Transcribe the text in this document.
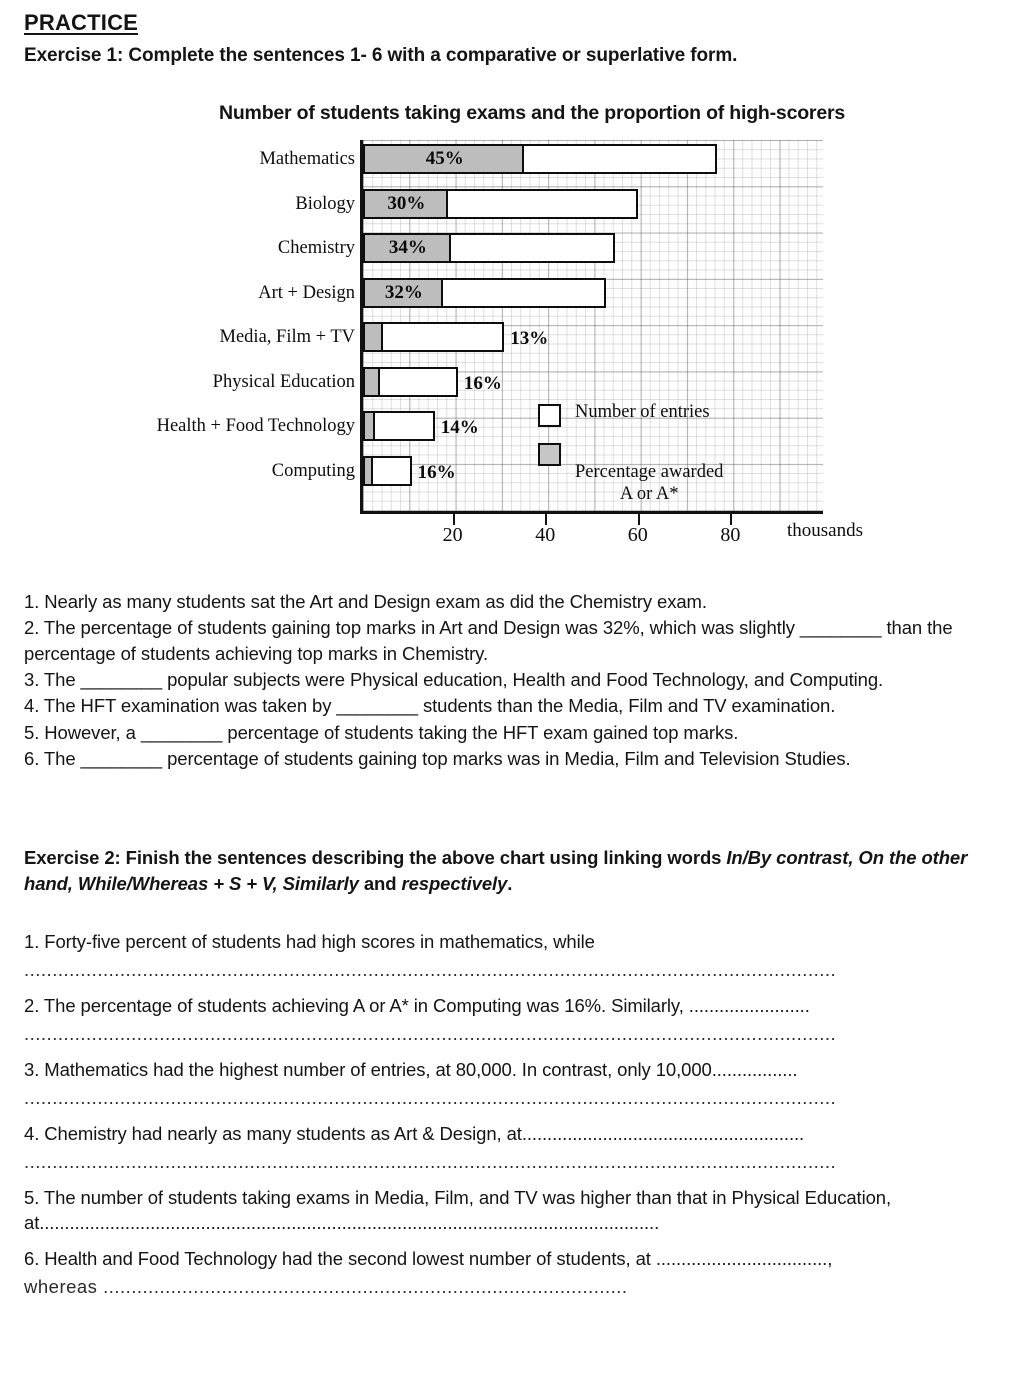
PRACTICE
Exercise 1: Complete the sentences 1- 6 with a comparative or superlative form.
Number of students taking exams and the proportion of high-scorers
Mathematics	45%
Biology	30%
Chemistry	34%
Art + Design	32%
Media, Film + TV	13%
Physical Education	16%
Health + Food Technology	14%
Computing	16%
Number of entries

Percentage awarded

A or A*

20	40	60	80 thousands

1. Nearly as many students sat the Art and Design exam as did the Chemistry exam.

2. The percentage of students gaining top marks in Art and Design was 32%, which was slightly ________ than the percentage of students achieving top marks in Chemistry.

3. The ________ popular subjects were Physical education, Health and Food Technology, and Computing.

4. The HFT examination was taken by ________ students than the Media, Film and TV examination.

5. However, a ________ percentage of students taking the HFT exam gained top marks.

6. The ________ percentage of students gaining top marks was in Media, Film and Television Studies.

Exercise 2: Finish the sentences describing the above chart using linking words In/By contrast, On the other hand, While/Whereas + S + V, Similarly and respectively.

1. Forty-five percent of students had high scores in mathematics, while

................................................................................................................................................

2. The percentage of students achieving A or A* in Computing was 16%. Similarly, ........................

................................................................................................................................................

3. Mathematics had the highest number of entries, at 80,000. In contrast, only 10,000.................

................................................................................................................................................

4. Chemistry had nearly as many students as Art & Design, at........................................................

................................................................................................................................................

5. The number of students taking exams in Media, Film, and TV was higher than that in Physical Education, at...........................................................................................................................

6. Health and Food Technology had the second lowest number of students, at ..................................,

whereas .............................................................................................
